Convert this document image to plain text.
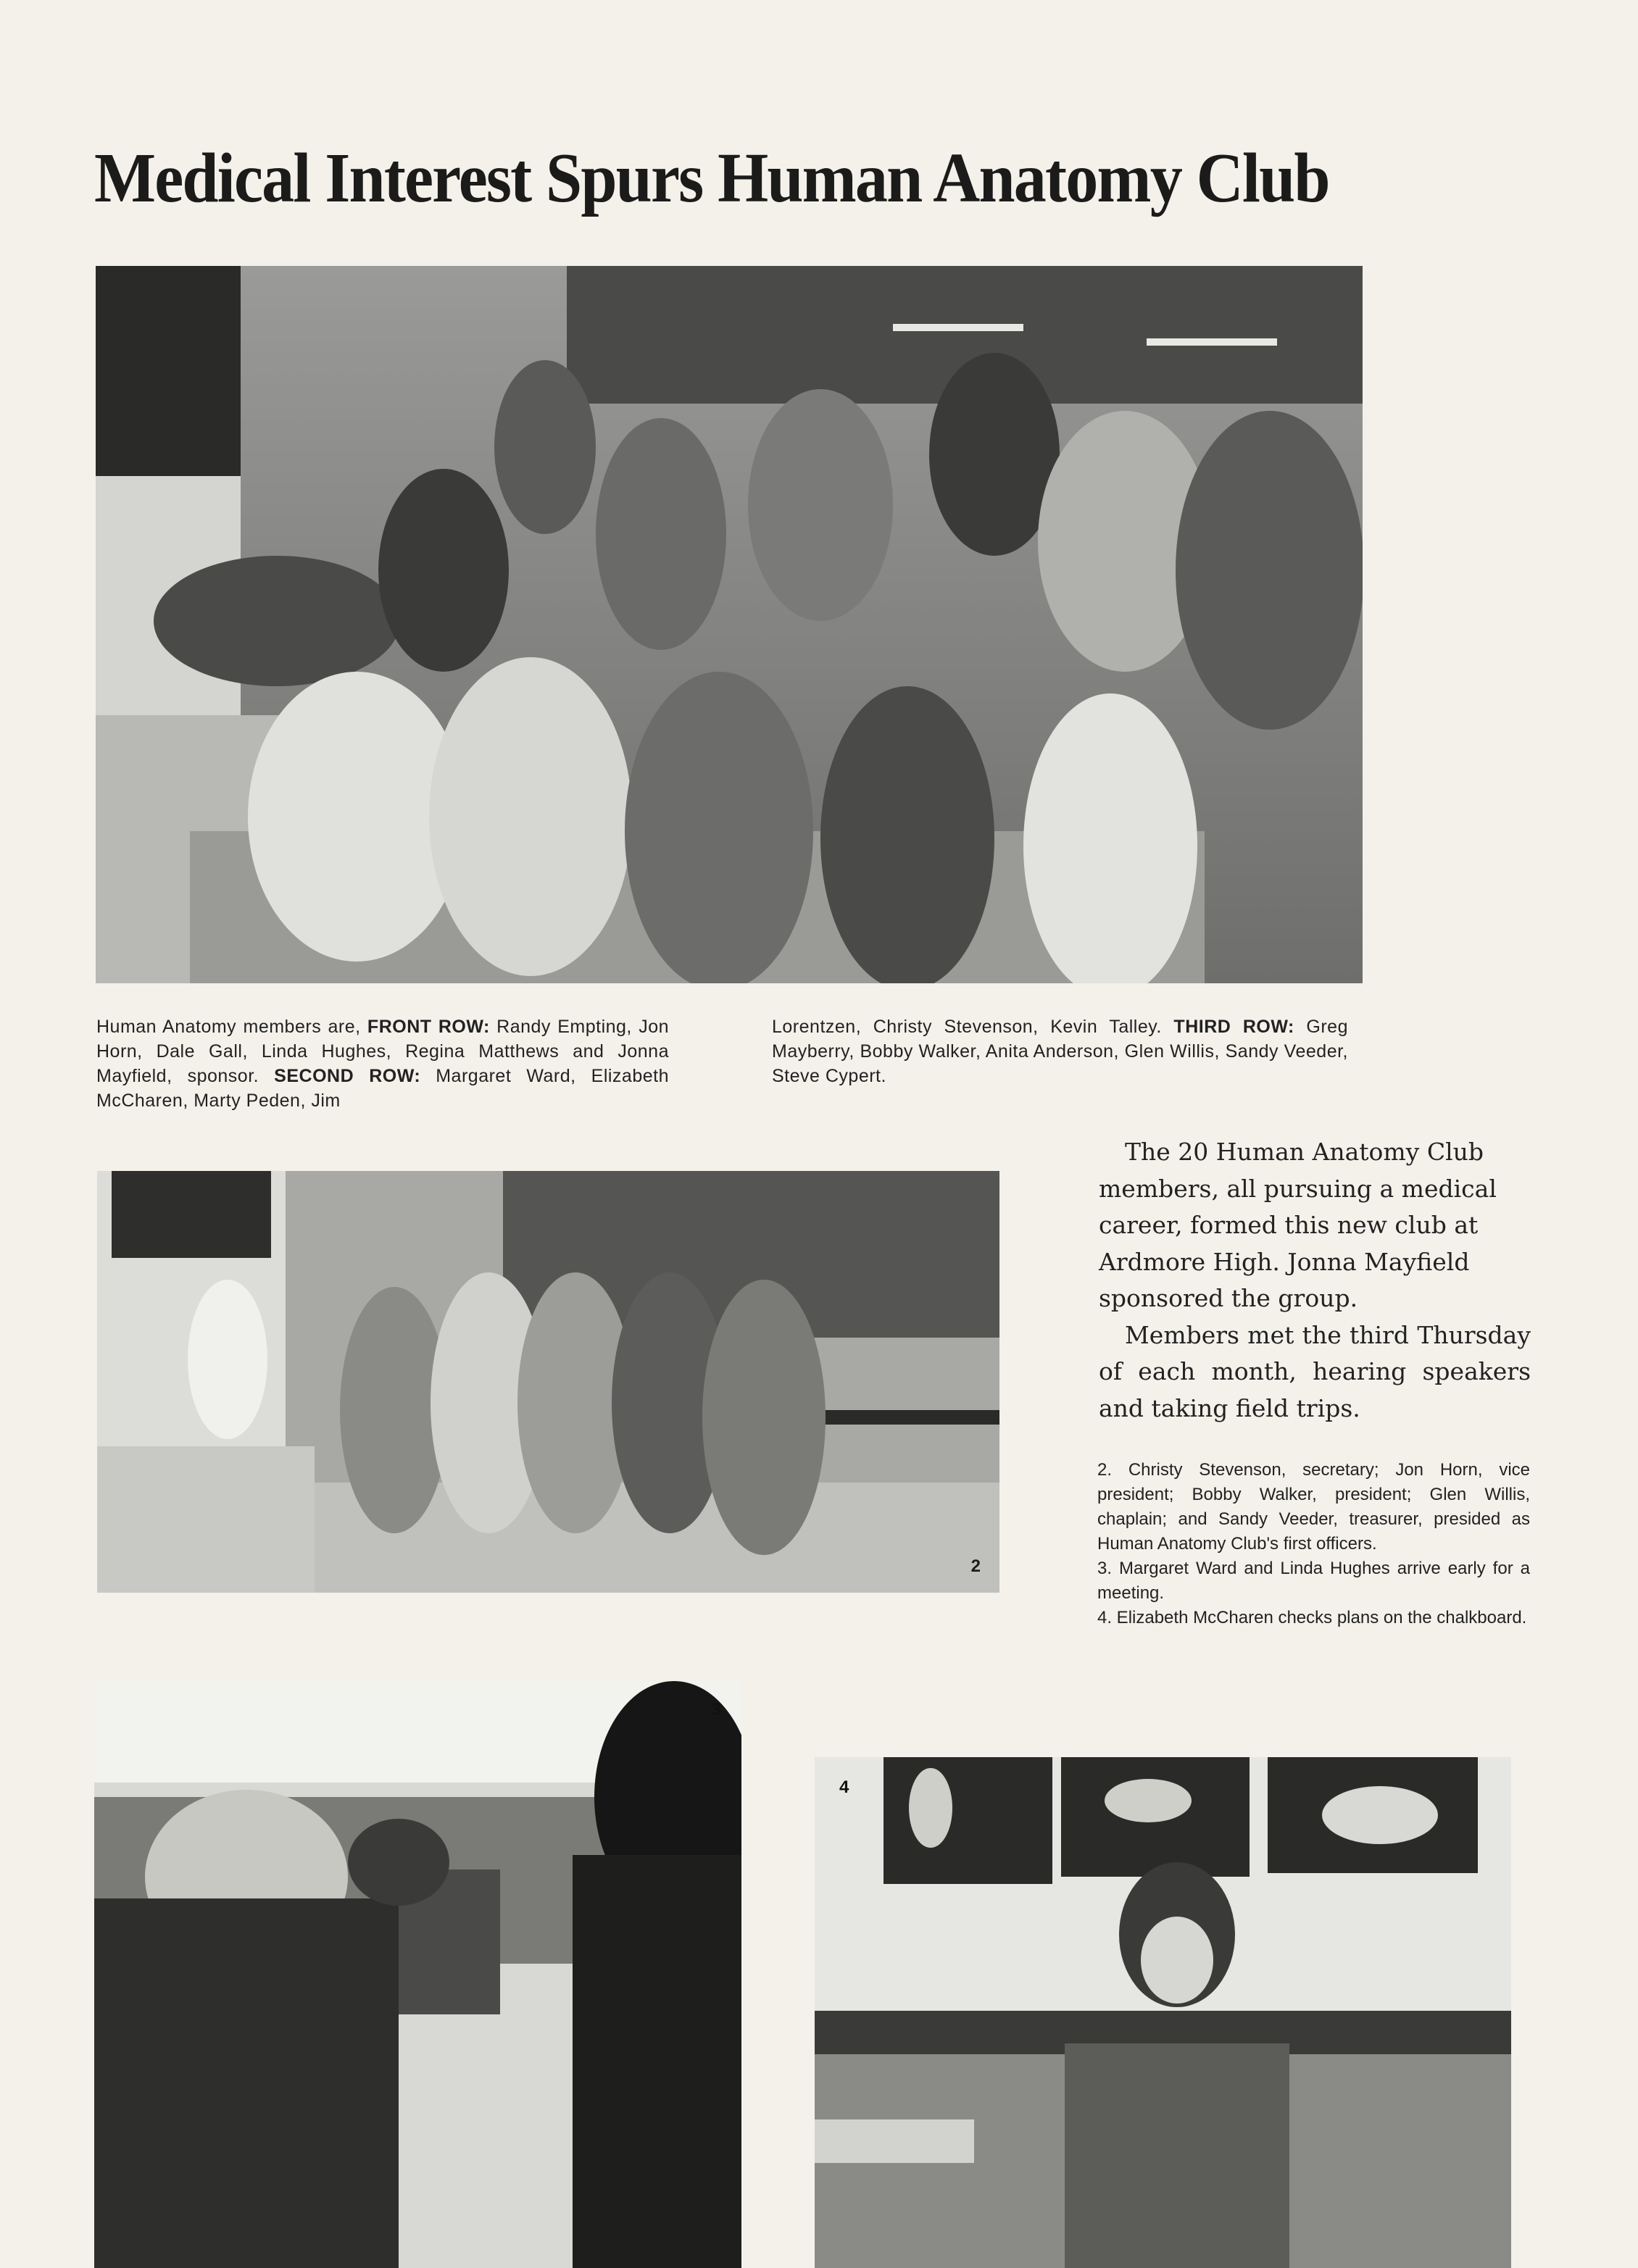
Medical Interest Spurs Human Anatomy Club
Human Anatomy members are, FRONT ROW: Randy Empting, Jon Horn, Dale Gall, Linda Hughes, Regina Matthews and Jonna Mayfield, sponsor. SECOND ROW: Margaret Ward, Elizabeth McCharen, Marty Peden, Jim
Lorentzen, Christy Stevenson, Kevin Talley. THIRD ROW: Greg Mayberry, Bobby Walker, Anita Anderson, Glen Willis, Sandy Veeder, Steve Cypert.

The 20 Human Anatomy Club members, all pursuing a medical career, formed this new club at Ardmore High. Jonna Mayfield sponsored the group.

Members met the third Thursday of each month, hearing speakers and taking field trips.

2

2. Christy Stevenson, secretary; Jon Horn, vice president; Bobby Walker, president; Glen Willis, chaplain; and Sandy Veeder, treasurer, presided as Human Anatomy Club's first officers.

3. Margaret Ward and Linda Hughes arrive early for a meeting.

4. Elizabeth McCharen checks plans on the chalkboard.

3
4
